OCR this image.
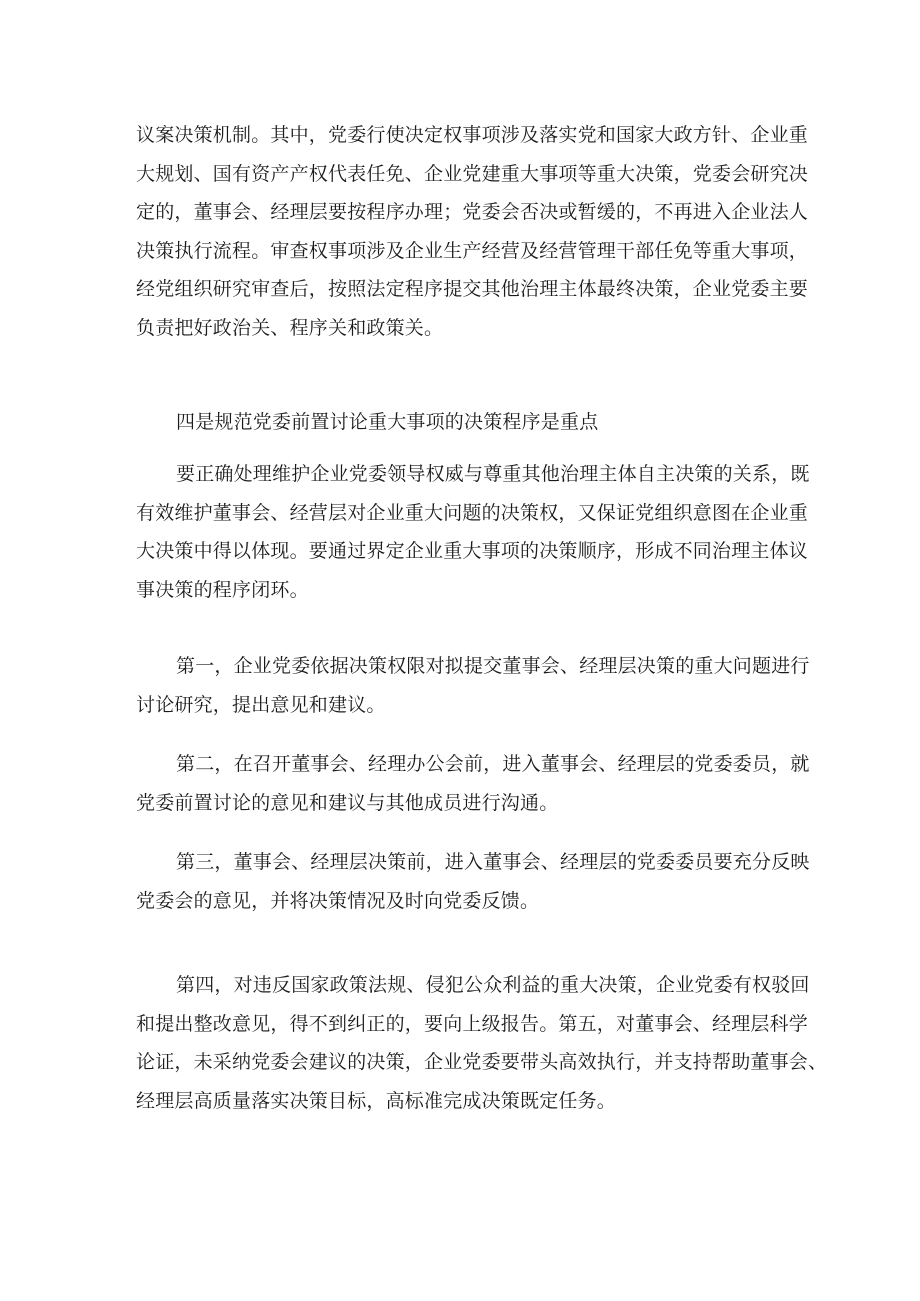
议案决策机制。其中，党委行使决定权事项涉及落实党和国家大政方针、企业重
大规划、国有资产产权代表任免、企业党建重大事项等重大决策，党委会研究决
定的，董事会、经理层要按程序办理；党委会否决或暂缓的，不再进入企业法人
决策执行流程。审查权事项涉及企业生产经营及经营管理干部任免等重大事项，
经党组织研究审查后，按照法定程序提交其他治理主体最终决策，企业党委主要
负责把好政治关、程序关和政策关。
四是规范党委前置讨论重大事项的决策程序是重点
要正确处理维护企业党委领导权威与尊重其他治理主体自主决策的关系，既
有效维护董事会、经营层对企业重大问题的决策权，又保证党组织意图在企业重
大决策中得以体现。要通过界定企业重大事项的决策顺序，形成不同治理主体议
事决策的程序闭环。
第一，企业党委依据决策权限对拟提交董事会、经理层决策的重大问题进行
讨论研究，提出意见和建议。
第二，在召开董事会、经理办公会前，进入董事会、经理层的党委委员，就
党委前置讨论的意见和建议与其他成员进行沟通。
第三，董事会、经理层决策前，进入董事会、经理层的党委委员要充分反映
党委会的意见，并将决策情况及时向党委反馈。
第四，对违反国家政策法规、侵犯公众利益的重大决策，企业党委有权驳回
和提出整改意见，得不到纠正的，要向上级报告。第五，对董事会、经理层科学
论证，未采纳党委会建议的决策，企业党委要带头高效执行，并支持帮助董事会、
经理层高质量落实决策目标，高标准完成决策既定任务。
